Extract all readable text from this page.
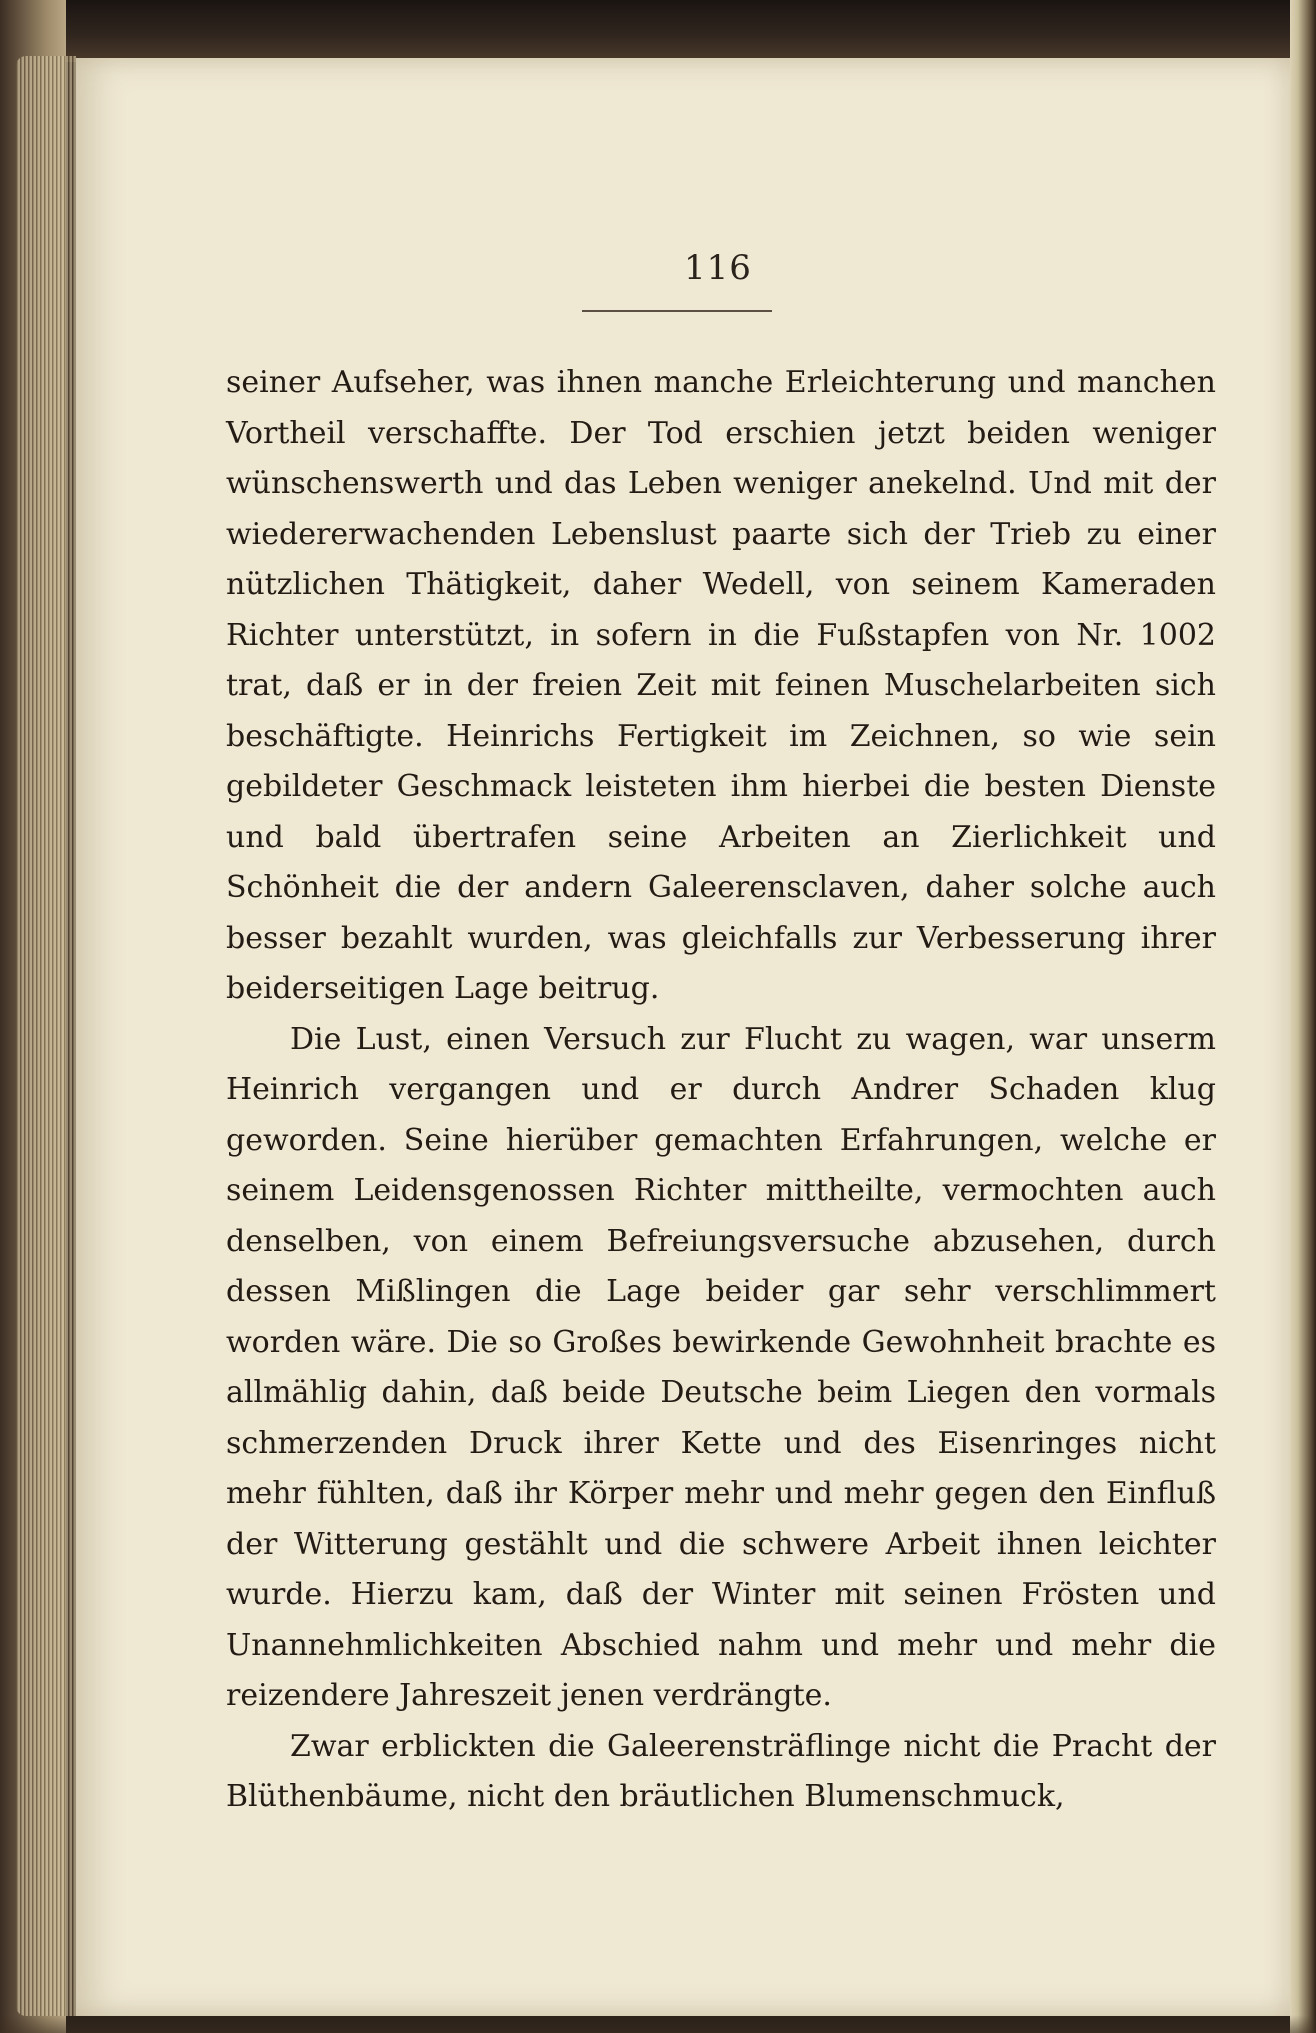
116

seiner Aufseher, was ihnen manche Erleichterung und manchen Vortheil verschaffte. Der Tod erschien jetzt beiden weniger wünschenswerth und das Leben weniger anekelnd. Und mit der wiedererwachenden Lebenslust paarte sich der Trieb zu einer nützlichen Thätigkeit, daher Wedell, von seinem Kameraden Richter unterstützt, in sofern in die Fußstapfen von Nr. 1002 trat, daß er in der freien Zeit mit feinen Muschelarbeiten sich beschäftigte. Heinrichs Fertigkeit im Zeichnen, so wie sein gebildeter Geschmack leisteten ihm hierbei die besten Dienste und bald übertrafen seine Arbeiten an Zierlichkeit und Schönheit die der andern Galeerensclaven, daher solche auch besser bezahlt wurden, was gleichfalls zur Verbesserung ihrer beiderseitigen Lage beitrug.

Die Lust, einen Versuch zur Flucht zu wagen, war unserm Heinrich vergangen und er durch Andrer Schaden klug geworden. Seine hierüber gemachten Erfahrungen, welche er seinem Leidensgenossen Richter mittheilte, vermochten auch denselben, von einem Befreiungsversuche abzusehen, durch dessen Mißlingen die Lage beider gar sehr verschlimmert worden wäre. Die so Großes bewirkende Gewohnheit brachte es allmählig dahin, daß beide Deutsche beim Liegen den vormals schmerzenden Druck ihrer Kette und des Eisenringes nicht mehr fühlten, daß ihr Körper mehr und mehr gegen den Einfluß der Witterung gestählt und die schwere Arbeit ihnen leichter wurde. Hierzu kam, daß der Winter mit seinen Frösten und Unannehmlichkeiten Abschied nahm und mehr und mehr die reizendere Jahreszeit jenen verdrängte.

Zwar erblickten die Galeerensträflinge nicht die Pracht der Blüthenbäume, nicht den bräutlichen Blumenschmuck,
